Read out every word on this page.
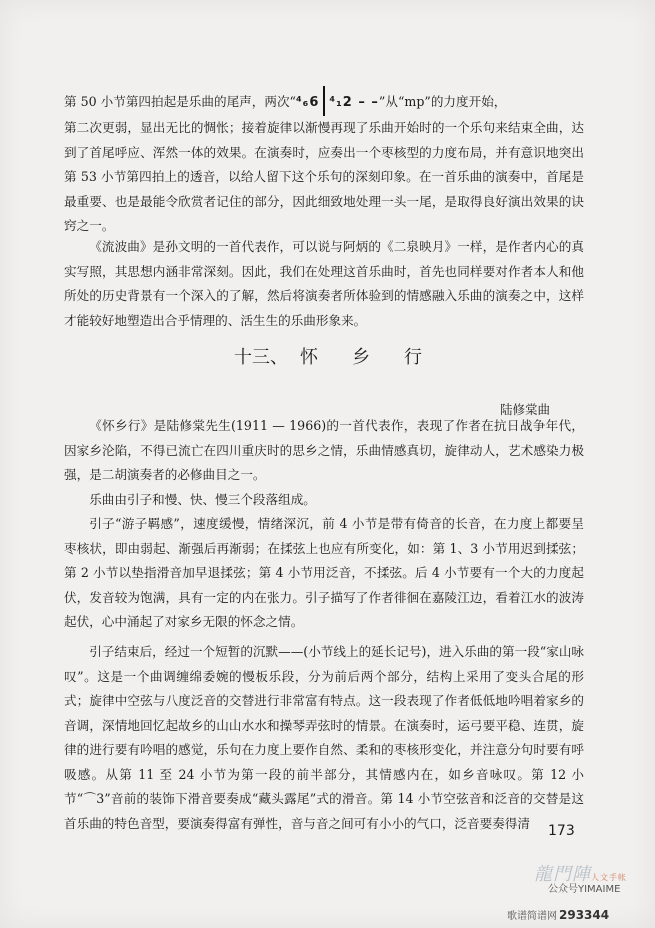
第 50 小节第四拍起是乐曲的尾声，两次“⁴₆6 ⁴₁2 – –”从“mp”的力度开始，
第二次更弱，显出无比的惆怅；接着旋律以渐慢再现了乐曲开始时的一个乐句来结束全曲，达到了首尾呼应、浑然一体的效果。在演奏时，应奏出一个枣核型的力度布局，并有意识地突出第 53 小节第四拍上的透音，以给人留下这个乐句的深刻印象。在一首乐曲的演奏中，首尾是最重要、也是最能令欣赏者记住的部分，因此细致地处理一头一尾，是取得良好演出效果的诀窍之一。

《流波曲》是孙文明的一首代表作，可以说与阿炳的《二泉映月》一样，是作者内心的真实写照，其思想内涵非常深刻。因此，我们在处理这首乐曲时，首先也同样要对作者本人和他所处的历史背景有一个深入的了解，然后将演奏者所体验到的情感融入乐曲的演奏之中，这样才能较好地塑造出合乎情理的、活生生的乐曲形象来。

十三、 怀 乡 行
陆修棠曲

《怀乡行》是陆修棠先生(1911 — 1966)的一首代表作，表现了作者在抗日战争年代，因家乡沦陷，不得已流亡在四川重庆时的思乡之情，乐曲情感真切，旋律动人，艺术感染力极强，是二胡演奏者的必修曲目之一。

乐曲由引子和慢、快、慢三个段落组成。

引子“游子羁感”，速度缓慢，情绪深沉，前 4 小节是带有倚音的长音，在力度上都要呈枣核状，即由弱起、渐强后再渐弱；在揉弦上也应有所变化，如：第 1、3 小节用迟到揉弦；第 2 小节以垫指滑音加早退揉弦；第 4 小节用泛音，不揉弦。后 4 小节要有一个大的力度起伏，发音较为饱满，具有一定的内在张力。引子描写了作者徘徊在嘉陵江边，看着江水的波涛起伏，心中涌起了对家乡无限的怀念之情。

引子结束后，经过一个短暂的沉默——(小节线上的延长记号)，进入乐曲的第一段“家山咏叹”。这是一个曲调缠绵委婉的慢板乐段，分为前后两个部分，结构上采用了变头合尾的形式；旋律中空弦与八度泛音的交替进行非常富有特点。这一段表现了作者低低地吟唱着家乡的音调，深情地回忆起故乡的山山水水和操琴弄弦时的情景。在演奏时，运弓要平稳、连贯，旋律的进行要有吟唱的感觉，乐句在力度上要作自然、柔和的枣核形变化，并注意分句时要有呼吸感。从第 11 至 24 小节为第一段的前半部分，其情感内在，如乡音咏叹。第 12 小节“⌒3”音前的装饰下滑音要奏成“藏头露尾”式的滑音。第 14 小节空弦音和泛音的交替是这首乐曲的特色音型，要演奏得富有弹性，音与音之间可有小小的气口，泛音要奏得清	173
龍門陣人文手帐
公众号YIMAIME
歌谱简谱网 293344
